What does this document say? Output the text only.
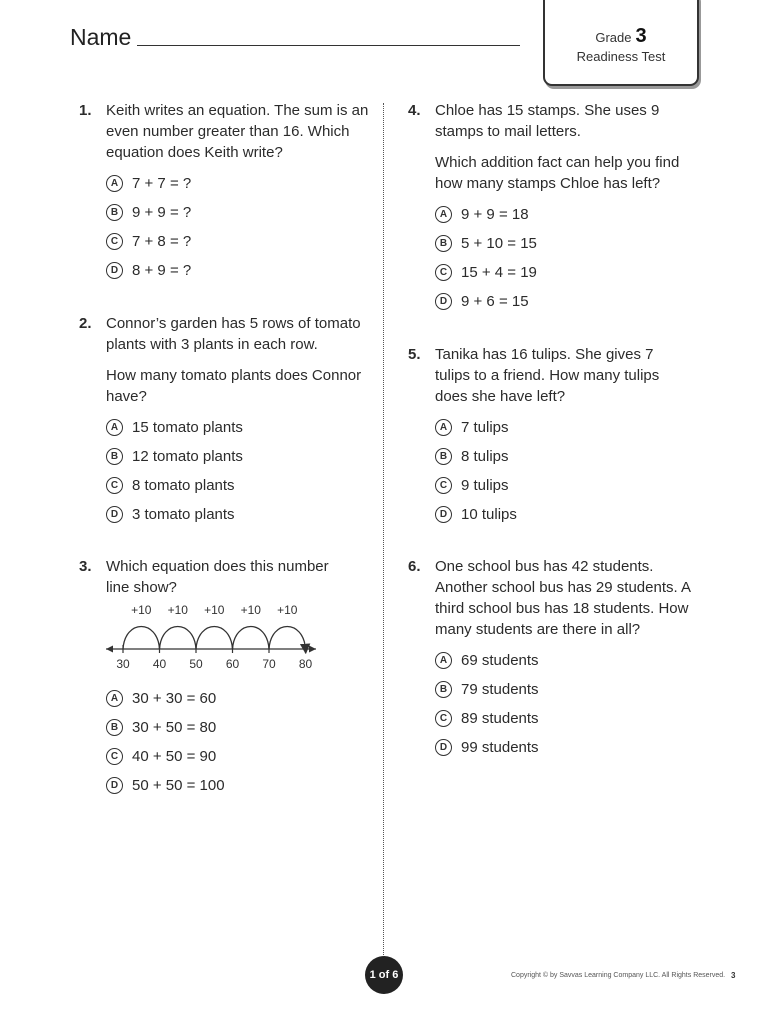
Name	Grade 3
Readiness Test
1. Keith writes an equation. The sum is an even number greater than 16. Which equation does Keith write?

A 7 + 7 = ?
B 9 + 9 = ?
C 7 + 8 = ?
D 8 + 9 = ?
2. Connor’s garden has 5 rows of tomato plants with 3 plants in each row.

How many tomato plants does Connor have?

A 15 tomato plants
B 12 tomato plants
C 8 tomato plants
D 3 tomato plants
3. Which equation does this number line show?

30 40 50 60 70 80
+10 +10 +10 +10 +10
A 30 + 30 = 60
B 30 + 50 = 80
C 40 + 50 = 90
D 50 + 50 = 100
4. Chloe has 15 stamps. She uses 9 stamps to mail letters.

Which addition fact can help you find how many stamps Chloe has left?

A 9 + 9 = 18
B 5 + 10 = 15
C 15 + 4 = 19
D 9 + 6 = 15
5. Tanika has 16 tulips. She gives 7 tulips to a friend. How many tulips does she have left?

A 7 tulips
B 8 tulips
C 9 tulips
D 10 tulips
6. One school bus has 42 students. Another school bus has 29 students. A third school bus has 18 students. How many students are there in all?

A 69 students
B 79 students
C 89 students
D 99 students
1 of 6	Copyright © by Savvas Learning Company LLC. All Rights Reserved. 3
